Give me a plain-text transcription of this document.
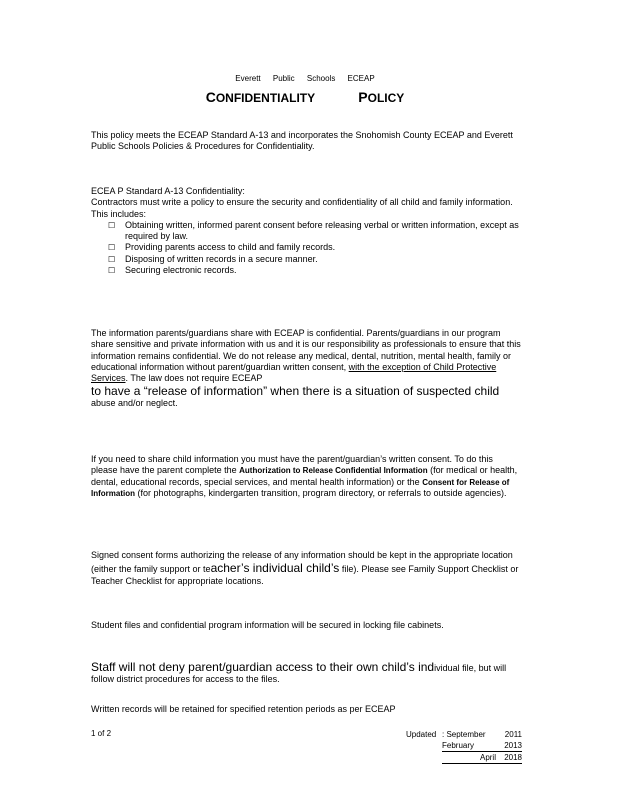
Everett Public Schools ECEAP
CONFIDENTIALITY	POLICY

This policy meets the ECEAP Standard A-13 and incorporates the Snohomish County ECEAP and Everett Public Schools Policies & Procedures for Confidentiality.

ECEA P Standard A-13 Confidentiality:

Contractors must write a policy to ensure the security and confidentiality of all child and family information. This includes:

☐ Obtaining written, informed parent consent before releasing verbal or written information, except as required by law.
☐ Providing parents access to child and family records.
☐ Disposing of written records in a secure manner.
☐ Securing electronic records.

The information parents/guardians share with ECEAP is confidential. Parents/guardians in our program share sensitive and private information with us and it is our responsibility as professionals to ensure that this information remains confidential. We do not release any medical, dental, nutrition, mental health, family or educational information without parent/guardian written consent, with the exception of Child Protective Services. The law does not require ECEAP

to have a “release of information” when there is a situation of suspected child

abuse and/or neglect.

If you need to share child information you must have the parent/guardian’s written consent. To do this please have the parent complete the Authorization to Release Confidential Information (for medical or health, dental, educational records, special services, and mental health information) or the Consent for Release of Information (for photographs, kindergarten transition, program directory, or referrals to outside agencies).

Signed consent forms authorizing the release of any information should be kept in the appropriate location (either the family support or teacher’s individual child’s file). Please see Family Support Checklist or Teacher Checklist for appropriate locations.

Student files and confidential program information will be secured in locking file cabinets.

Staff will not deny parent/guardian access to their own child’s individual file, but will follow district procedures for access to the files.

Written records will be retained for specified retention periods as per ECEAP

1 of 2	Updated : September	2011
February	2013
April	2018
